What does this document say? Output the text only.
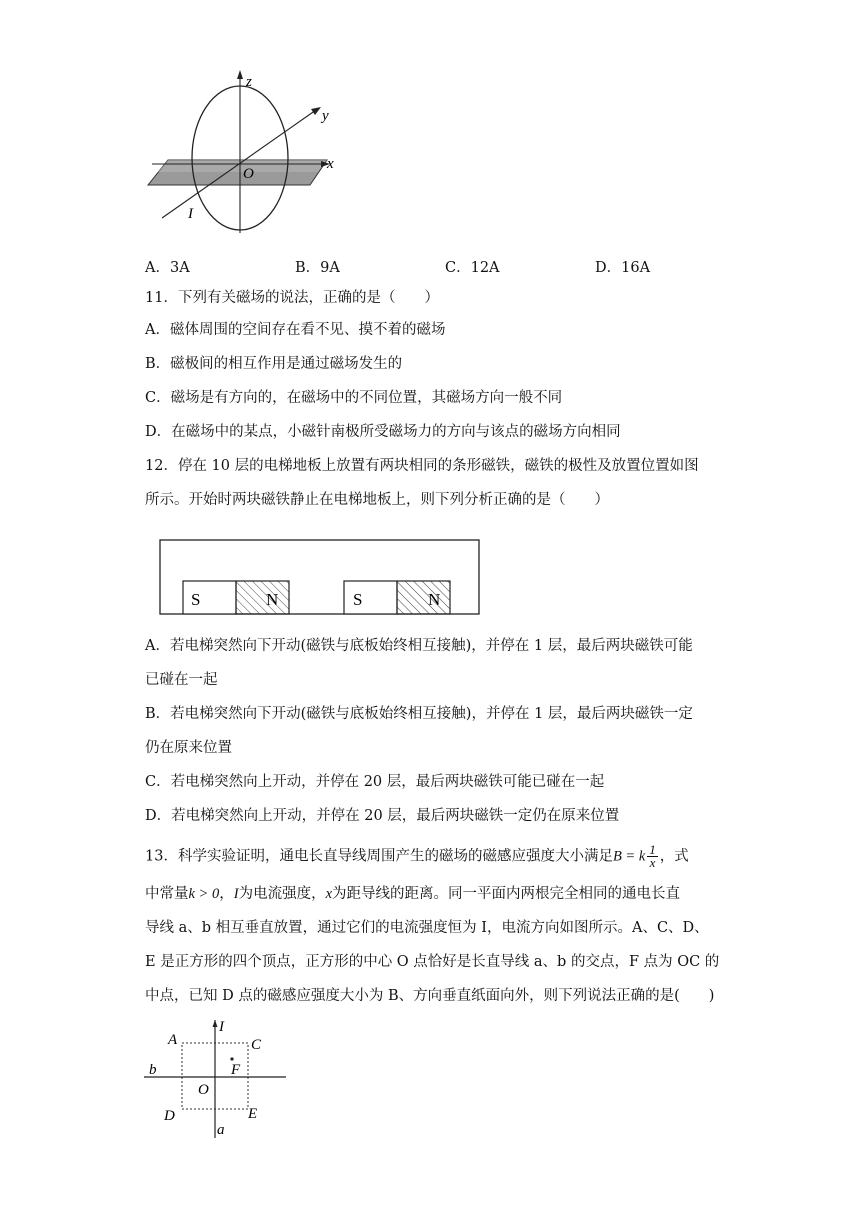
z
y
x
O
I
A．3A	B．9A	C．12A	D．16A
11．下列有关磁场的说法，正确的是（　　）
A．磁体周围的空间存在看不见、摸不着的磁场
B．磁极间的相互作用是通过磁场发生的
C．磁场是有方向的，在磁场中的不同位置，其磁场方向一般不同
D．在磁场中的某点，小磁针南极所受磁场力的方向与该点的磁场方向相同
12．停在 10 层的电梯地板上放置有两块相同的条形磁铁，磁铁的极性及放置位置如图
所示。开始时两块磁铁静止在电梯地板上，则下列分析正确的是（　　）
S	N	S	N
A．若电梯突然向下开动(磁铁与底板始终相互接触)，并停在 1 层，最后两块磁铁可能
已碰在一起
B．若电梯突然向下开动(磁铁与底板始终相互接触)，并停在 1 层，最后两块磁铁一定
仍在原来位置
C．若电梯突然向上开动，并停在 20 层，最后两块磁铁可能已碰在一起
D．若电梯突然向上开动，并停在 20 层，最后两块磁铁一定仍在原来位置
13．科学实验证明，通电长直导线周围产生的磁场的磁感应强度大小满足B = k $\frac{1}{x}$ ，式
中常量k > 0，I为电流强度，x为距导线的距离。同一平面内两根完全相同的通电长直
导线 a、b 相互垂直放置，通过它们的电流强度恒为 I，电流方向如图所示。A、C、D、
E 是正方形的四个顶点，正方形的中心 O 点恰好是长直导线 a、b 的交点，F 点为 OC 的
中点，已知 D 点的磁感应强度大小为 B、方向垂直纸面向外，则下列说法正确的是(　　)
I
A	C
F
b
O
D	E
a
